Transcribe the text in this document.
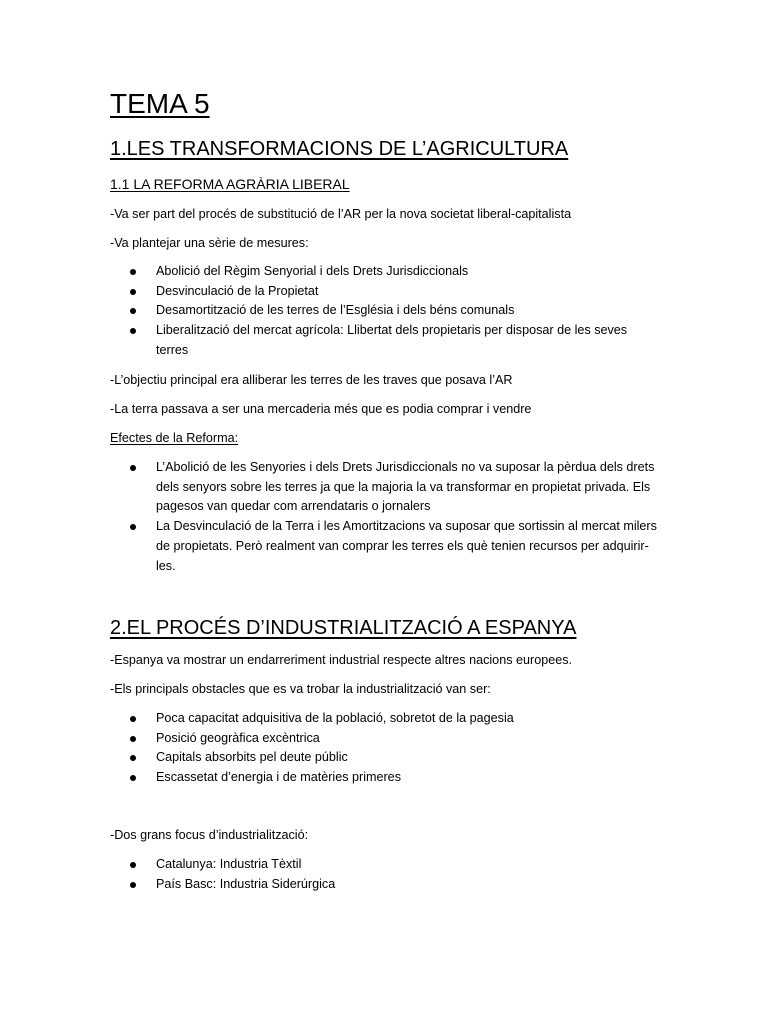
TEMA 5
1.LES TRANSFORMACIONS DE L’AGRICULTURA
1.1 LA REFORMA AGRÀRIA LIBERAL
-Va ser part del procés de substitució de l’AR per la nova societat liberal-capitalista
-Va plantejar una sèrie de mesures:
Abolició del Règim Senyorial i dels Drets Jurisdiccionals
Desvinculació de la Propietat
Desamortització de les terres de l’Església i dels béns comunals
Liberalització del mercat agrícola: Llibertat dels propietaris per disposar de les seves terres
-L’objectiu principal era alliberar les terres de les traves que posava l’AR
-La terra passava a ser una mercaderia més que es podia comprar i vendre
Efectes de la Reforma:
L’Abolició de les Senyories i dels Drets Jurisdiccionals no va suposar la pèrdua dels drets dels senyors sobre les terres ja que la majoria la va transformar en propietat privada. Els pagesos van quedar com arrendataris o jornalers
La Desvinculació de la Terra i les Amortitzacions va suposar que sortissin al mercat milers de propietats. Però realment van comprar les terres els què tenien recursos per adquirir-les.
2.EL PROCÉS D’INDUSTRIALITZACIÓ A ESPANYA
-Espanya va mostrar un endarreriment industrial respecte altres nacions europees.
-Els principals obstacles que es va trobar la industrialització van ser:
Poca capacitat adquisitiva de la població, sobretot de la pagesia
Posició geogràfica excèntrica
Capitals absorbits pel deute públic
Escassetat d’energia i de matèries primeres
-Dos grans focus d’industrialització:
Catalunya: Industria Tèxtil
País Basc: Industria Siderúrgica
